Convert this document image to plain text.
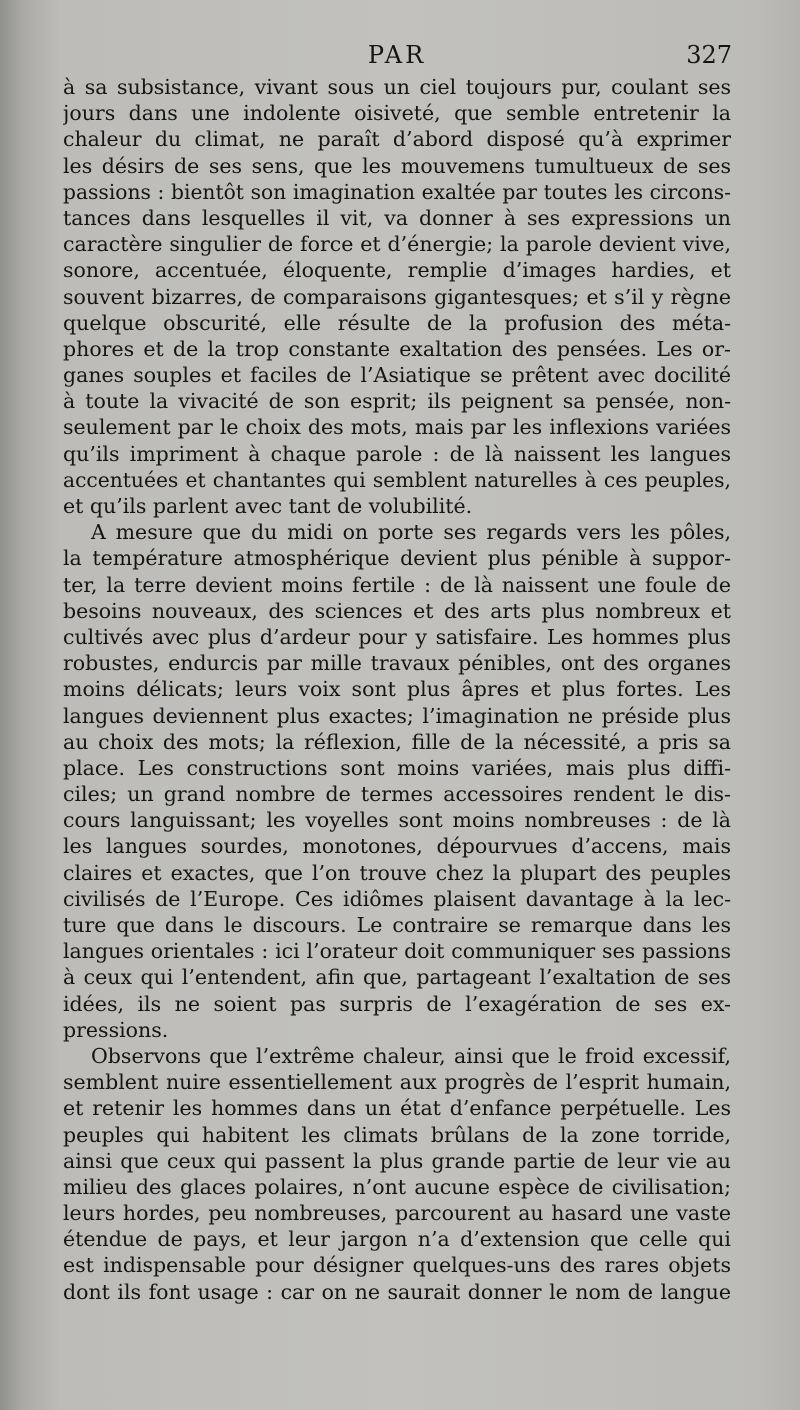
PAR	327
à sa subsistance, vivant sous un ciel toujours pur, coulant ses
jours dans une indolente oisiveté, que semble entretenir la
chaleur du climat, ne paraît d’abord disposé qu’à exprimer
les désirs de ses sens, que les mouvemens tumultueux de ses
passions : bientôt son imagination exaltée par toutes les circons-
tances dans lesquelles il vit, va donner à ses expressions un
caractère singulier de force et d’énergie; la parole devient vive,
sonore, accentuée, éloquente, remplie d’images hardies, et
souvent bizarres, de comparaisons gigantesques; et s’il y règne
quelque obscurité, elle résulte de la profusion des méta-
phores et de la trop constante exaltation des pensées. Les or-
ganes souples et faciles de l’Asiatique se prêtent avec docilité
à toute la vivacité de son esprit; ils peignent sa pensée, non-
seulement par le choix des mots, mais par les inflexions variées
qu’ils impriment à chaque parole : de là naissent les langues
accentuées et chantantes qui semblent naturelles à ces peuples,
et qu’ils parlent avec tant de volubilité.
A mesure que du midi on porte ses regards vers les pôles,
la température atmosphérique devient plus pénible à suppor-
ter, la terre devient moins fertile : de là naissent une foule de
besoins nouveaux, des sciences et des arts plus nombreux et
cultivés avec plus d’ardeur pour y satisfaire. Les hommes plus
robustes, endurcis par mille travaux pénibles, ont des organes
moins délicats; leurs voix sont plus âpres et plus fortes. Les
langues deviennent plus exactes; l’imagination ne préside plus
au choix des mots; la réflexion, fille de la nécessité, a pris sa
place. Les constructions sont moins variées, mais plus diffi-
ciles; un grand nombre de termes accessoires rendent le dis-
cours languissant; les voyelles sont moins nombreuses : de là
les langues sourdes, monotones, dépourvues d’accens, mais
claires et exactes, que l’on trouve chez la plupart des peuples
civilisés de l’Europe. Ces idiômes plaisent davantage à la lec-
ture que dans le discours. Le contraire se remarque dans les
langues orientales : ici l’orateur doit communiquer ses passions
à ceux qui l’entendent, afin que, partageant l’exaltation de ses
idées, ils ne soient pas surpris de l’exagération de ses ex-
pressions.
Observons que l’extrême chaleur, ainsi que le froid excessif,
semblent nuire essentiellement aux progrès de l’esprit humain,
et retenir les hommes dans un état d’enfance perpétuelle. Les
peuples qui habitent les climats brûlans de la zone torride,
ainsi que ceux qui passent la plus grande partie de leur vie au
milieu des glaces polaires, n’ont aucune espèce de civilisation;
leurs hordes, peu nombreuses, parcourent au hasard une vaste
étendue de pays, et leur jargon n’a d’extension que celle qui
est indispensable pour désigner quelques-uns des rares objets
dont ils font usage : car on ne saurait donner le nom de langue
